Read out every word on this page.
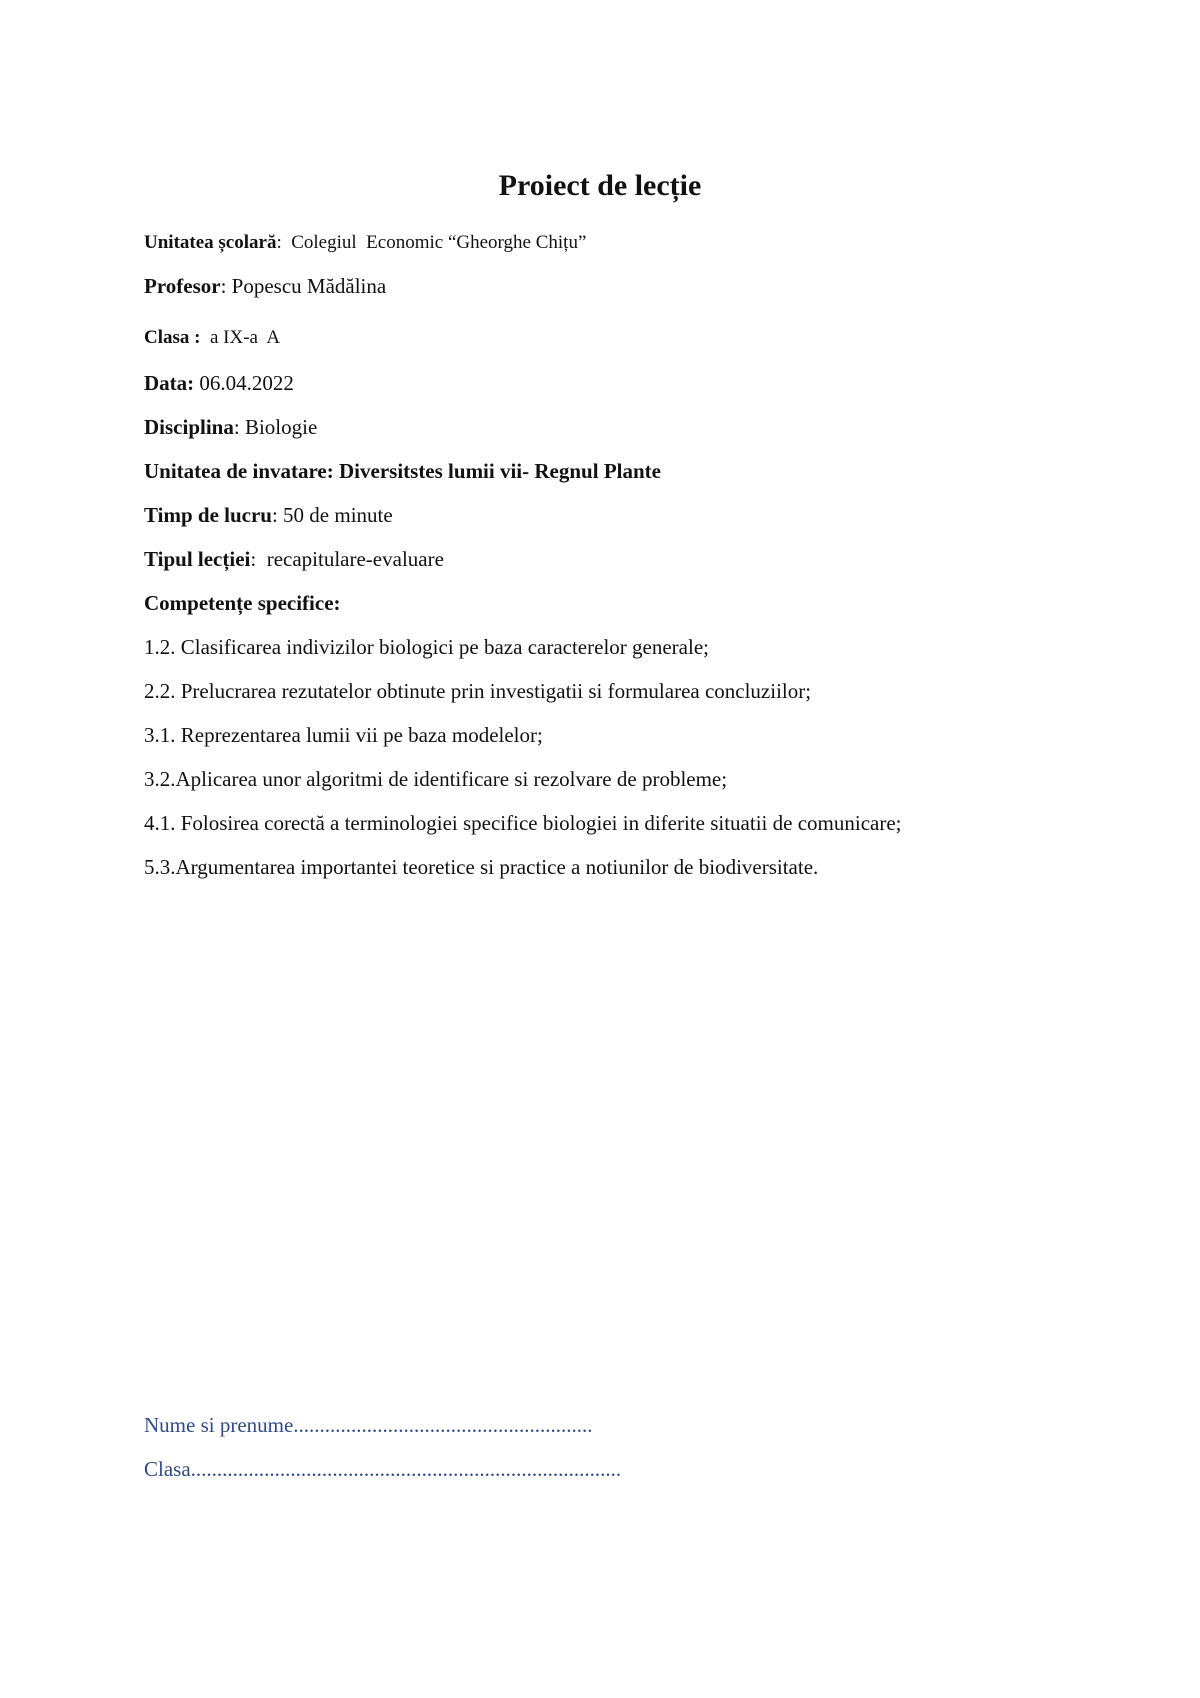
Proiect de lecție
Unitatea școlară:  Colegiul  Economic “Gheorghe Chițu”
Profesor: Popescu Mădălina
Clasa :  a IX-a  A
Data: 06.04.2022
Disciplina: Biologie
Unitatea de invatare: Diversitstes lumii vii- Regnul Plante
Timp de lucru: 50 de minute
Tipul lecției:  recapitulare-evaluare
Competențe specifice:
1.2. Clasificarea indivizilor biologici pe baza caracterelor generale;
2.2. Prelucrarea rezutatelor obtinute prin investigatii si formularea concluziilor;
3.1. Reprezentarea lumii vii pe baza modelelor;
3.2.Aplicarea unor algoritmi de identificare si rezolvare de probleme;
4.1. Folosirea corectă a terminologiei specifice biologiei in diferite situatii de comunicare;
5.3.Argumentarea importantei teoretice si practice a notiunilor de biodiversitate.
Nume si prenume.........................................................
Clasa..................................................................................
